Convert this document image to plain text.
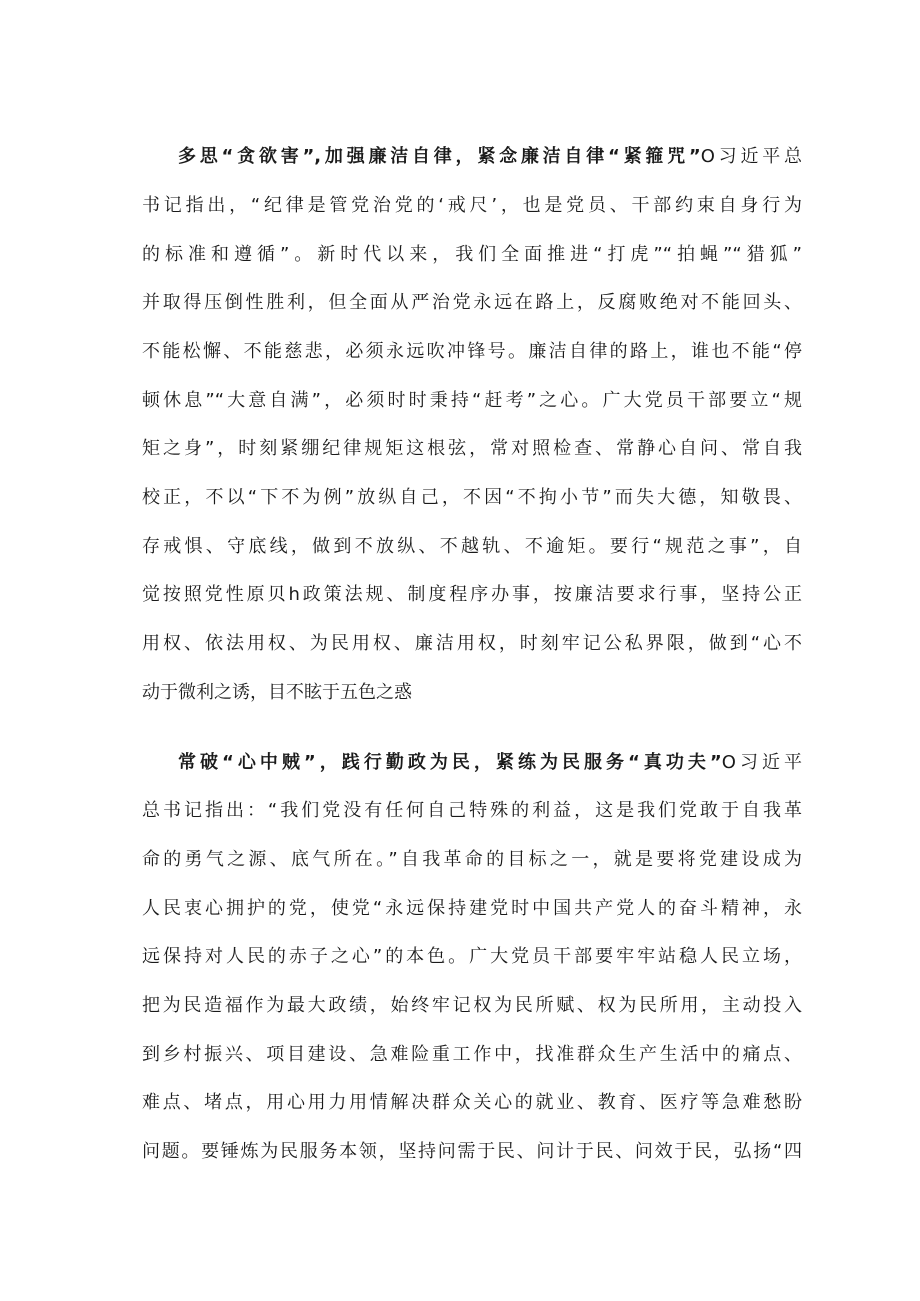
多思“贪欲害”,加强廉洁自律，紧念廉洁自律“紧箍咒”O习近平总
书记指出，“纪律是管党治党的‘戒尺’，也是党员、干部约束自身行为
的标准和遵循”。新时代以来，我们全面推进“打虎”“拍蝇”“猎狐”
并取得压倒性胜利，但全面从严治党永远在路上，反腐败绝对不能回头、
不能松懈、不能慈悲，必须永远吹冲锋号。廉洁自律的路上，谁也不能“停
顿休息”“大意自满”，必须时时秉持“赶考”之心。广大党员干部要立“规
矩之身”，时刻紧绷纪律规矩这根弦，常对照检查、常静心自问、常自我
校正，不以“下不为例”放纵自己，不因“不拘小节”而失大德，知敬畏、
存戒惧、守底线，做到不放纵、不越轨、不逾矩。要行“规范之事”，自
觉按照党性原贝h政策法规、制度程序办事，按廉洁要求行事，坚持公正
用权、依法用权、为民用权、廉洁用权，时刻牢记公私界限，做到“心不
动于微利之诱，目不眩于五色之惑
常破“心中贼”，践行勤政为民，紧练为民服务“真功夫”O习近平
总书记指出：“我们党没有任何自己特殊的利益，这是我们党敢于自我革
命的勇气之源、底气所在。”自我革命的目标之一，就是要将党建设成为
人民衷心拥护的党，使党“永远保持建党时中国共产党人的奋斗精神，永
远保持对人民的赤子之心”的本色。广大党员干部要牢牢站稳人民立场，
把为民造福作为最大政绩，始终牢记权为民所赋、权为民所用，主动投入
到乡村振兴、项目建设、急难险重工作中，找准群众生产生活中的痛点、
难点、堵点，用心用力用情解决群众关心的就业、教育、医疗等急难愁盼
问题。要锤炼为民服务本领，坚持问需于民、问计于民、问效于民，弘扬“四
